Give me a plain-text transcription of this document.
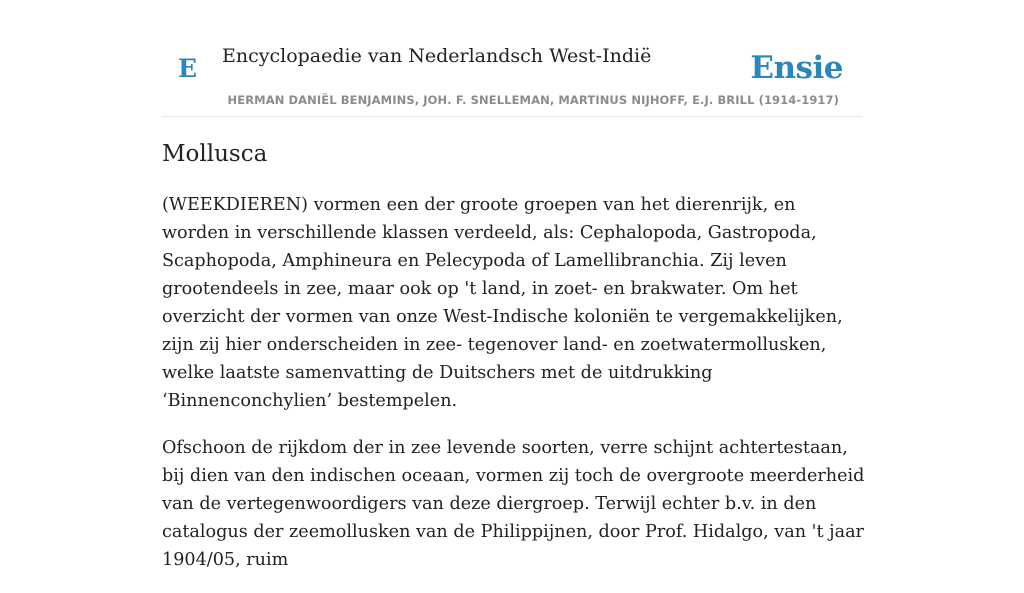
E Encyclopaedie van Nederlandsch West-Indië	Ensie
HERMAN DANIËL BENJAMINS, JOH. F. SNELLEMAN, MARTINUS NIJHOFF, E.J. BRILL (1914-1917)
Mollusca

(WEEKDIEREN) vormen een der groote groepen van het dierenrijk, en worden in verschillende klassen verdeeld, als: Cephalopoda, Gastropoda, Scaphopoda, Amphineura en Pelecypoda of Lamellibranchia. Zij leven grootendeels in zee, maar ook op 't land, in zoet- en brakwater. Om het overzicht der vormen van onze West-Indische koloniën te vergemakkelijken, zijn zij hier onderscheiden in zee- tegenover land- en zoetwatermollusken, welke laatste samenvatting de Duitschers met de uitdrukking ‘Binnenconchylien’ bestempelen.

Ofschoon de rijkdom der in zee levende soorten, verre schijnt achtertestaan, bij dien van den indischen oceaan, vormen zij toch de overgroote meerderheid van de vertegenwoordigers van deze diergroep. Terwijl echter b.v. in den catalogus der zeemollusken van de Philippijnen, door Prof. Hidalgo, van 't jaar 1904/05, ruim
